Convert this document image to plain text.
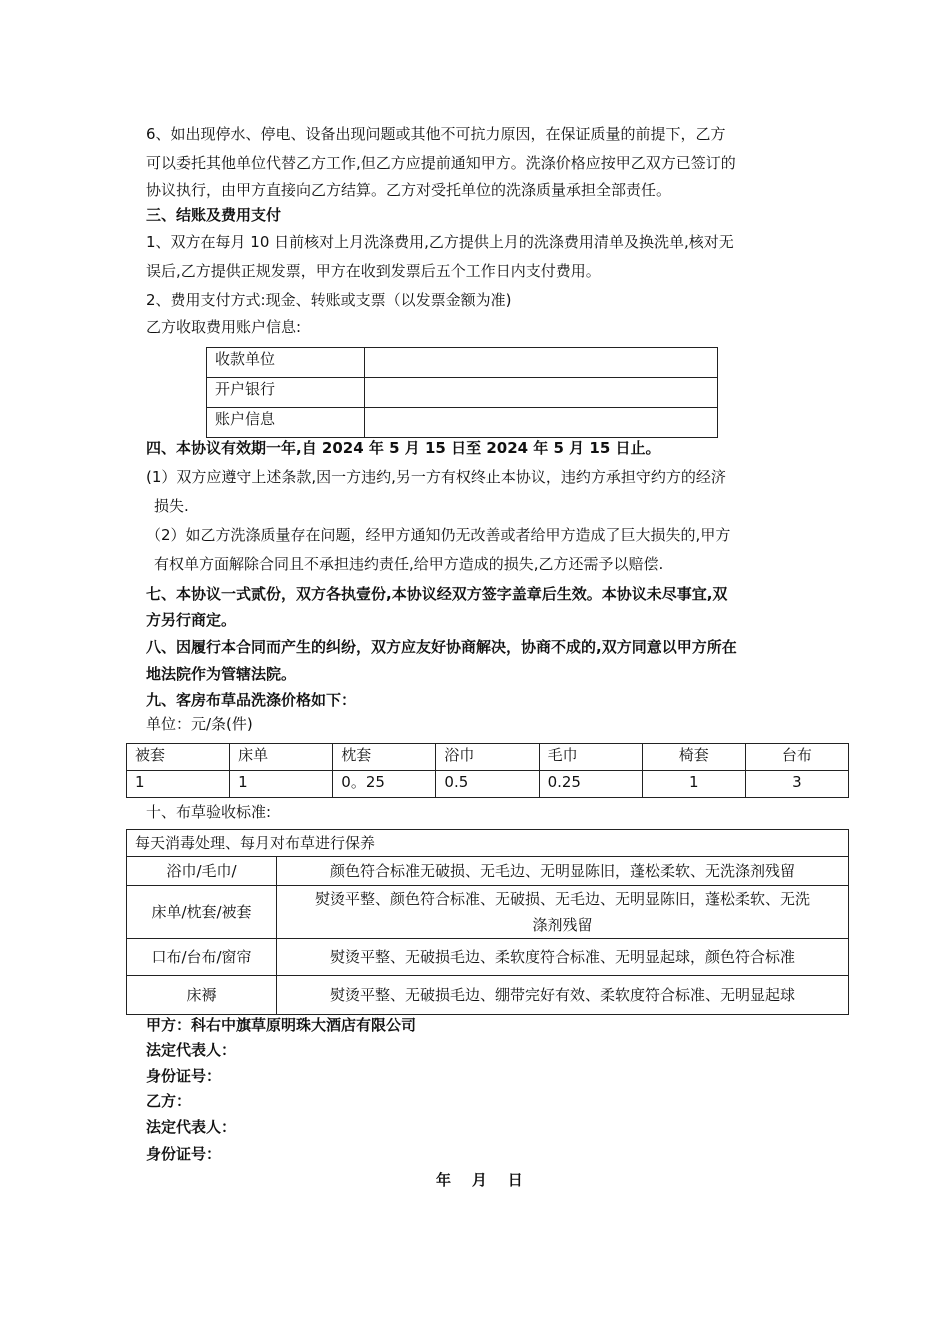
6、如出现停水、停电、设备出现问题或其他不可抗力原因，在保证质量的前提下，乙方

可以委托其他单位代替乙方工作,但乙方应提前通知甲方。洗涤价格应按甲乙双方已签订的

协议执行，由甲方直接向乙方结算。乙方对受托单位的洗涤质量承担全部责任。

三、结账及费用支付

1、双方在每月 10 日前核对上月洗涤费用,乙方提供上月的洗涤费用清单及换洗单,核对无

误后,乙方提供正规发票，甲方在收到发票后五个工作日内支付费用。

2、费用支付方式:现金、转账或支票（以发票金额为准)

乙方收取费用账户信息:

收款单位	
开户银行	
账户信息	

四、本协议有效期一年,自 2024 年 5 月 15 日至 2024 年 5 月 15 日止。

(1）双方应遵守上述条款,因一方违约,另一方有权终止本协议，违约方承担守约方的经济

损失.

（2）如乙方洗涤质量存在问题，经甲方通知仍无改善或者给甲方造成了巨大损失的,甲方

有权单方面解除合同且不承担违约责任,给甲方造成的损失,乙方还需予以赔偿.

七、本协议一式贰份，双方各执壹份,本协议经双方签字盖章后生效。本协议未尽事宜,双

方另行商定。

八、因履行本合同而产生的纠纷，双方应友好协商解决，协商不成的,双方同意以甲方所在

地法院作为管辖法院。

九、客房布草品洗涤价格如下：

单位：元/条(件)

被套	床单	枕套	浴巾	毛巾	椅套	台布
1	1	0。25	0.5	0.25	1	3

十、布草验收标准:

每天消毒处理、每月对布草进行保养	
浴巾/毛巾/	颜色符合标准无破损、无毛边、无明显陈旧，蓬松柔软、无洗涤剂残留
床单/枕套/被套	熨烫平整、颜色符合标准、无破损、无毛边、无明显陈旧，蓬松柔软、无洗
涤剂残留

口布/台布/窗帘	熨烫平整、无破损毛边、柔软度符合标准、无明显起球，颜色符合标准
床褥	熨烫平整、无破损毛边、绷带完好有效、柔软度符合标准、无明显起球

甲方：科右中旗草原明珠大酒店有限公司

法定代表人：

身份证号：

乙方：

法定代表人：

身份证号：

年    月    日
